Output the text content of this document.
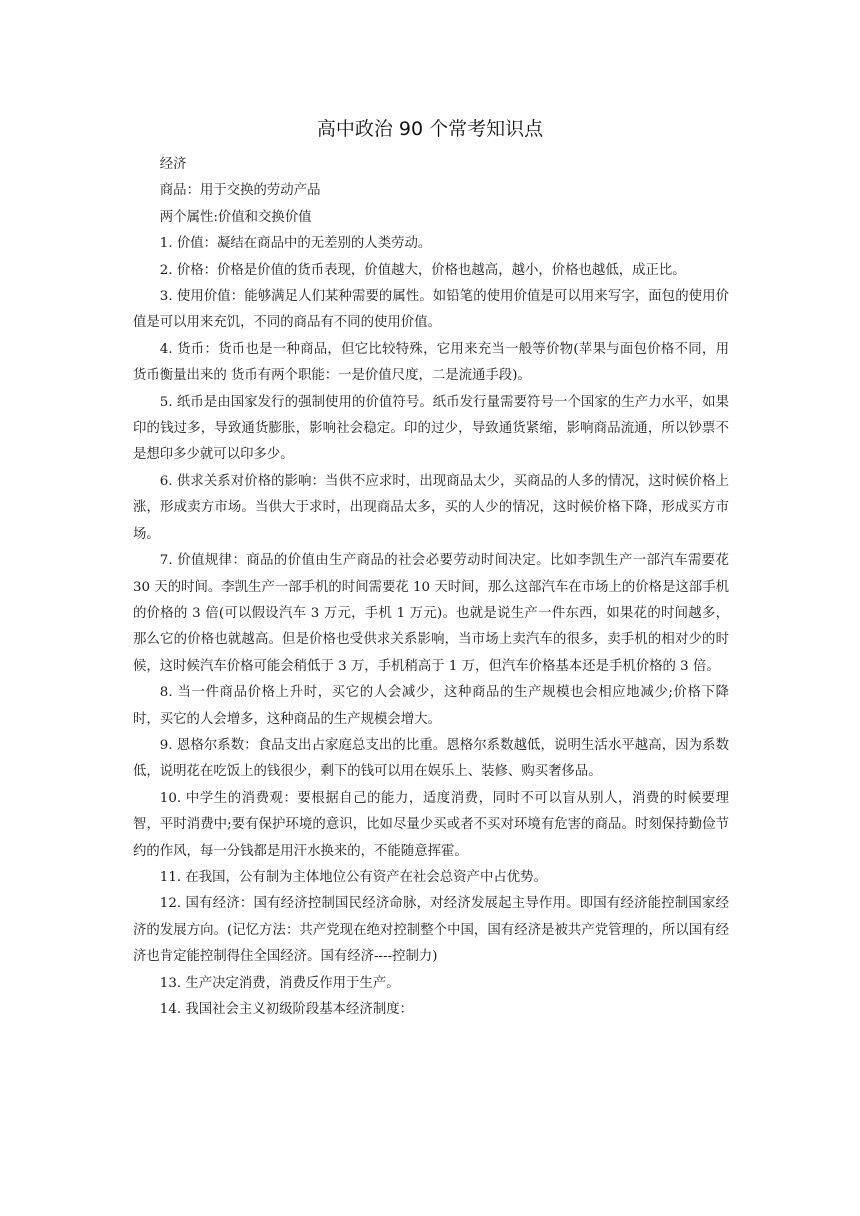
高中政治 90 个常考知识点

经济

商品：用于交换的劳动产品

两个属性:价值和交换价值

1. 价值：凝结在商品中的无差别的人类劳动。

2. 价格：价格是价值的货币表现，价值越大，价格也越高，越小，价格也越低，成正比。

3. 使用价值：能够满足人们某种需要的属性。如铅笔的使用价值是可以用来写字，面包的使用价值是可以用来充饥，不同的商品有不同的使用价值。

4. 货币：货币也是一种商品，但它比较特殊，它用来充当一般等价物(苹果与面包价格不同，用货币衡量出来的 货币有两个职能：一是价值尺度，二是流通手段)。

5. 纸币是由国家发行的强制使用的价值符号。纸币发行量需要符号一个国家的生产力水平，如果印的钱过多，导致通货膨胀，影响社会稳定。印的过少，导致通货紧缩，影响商品流通，所以钞票不是想印多少就可以印多少。

6. 供求关系对价格的影响：当供不应求时，出现商品太少，买商品的人多的情况，这时候价格上涨，形成卖方市场。当供大于求时，出现商品太多，买的人少的情况，这时候价格下降，形成买方市场。

7. 价值规律：商品的价值由生产商品的社会必要劳动时间决定。比如李凯生产一部汽车需要花 30 天的时间。李凯生产一部手机的时间需要花 10 天时间，那么这部汽车在市场上的价格是这部手机的价格的 3 倍(可以假设汽车 3 万元，手机 1 万元)。也就是说生产一件东西，如果花的时间越多，那么它的价格也就越高。但是价格也受供求关系影响，当市场上卖汽车的很多，卖手机的相对少的时候，这时候汽车价格可能会稍低于 3 万，手机稍高于 1 万，但汽车价格基本还是手机价格的 3 倍。

8. 当一件商品价格上升时，买它的人会减少，这种商品的生产规模也会相应地减少;价格下降时，买它的人会增多，这种商品的生产规模会增大。

9. 恩格尔系数：食品支出占家庭总支出的比重。恩格尔系数越低，说明生活水平越高，因为系数低，说明花在吃饭上的钱很少，剩下的钱可以用在娱乐上、装修、购买奢侈品。

10. 中学生的消费观：要根据自己的能力，适度消费，同时不可以盲从别人，消费的时候要理智，平时消费中;要有保护环境的意识，比如尽量少买或者不买对环境有危害的商品。时刻保持勤俭节约的作风，每一分钱都是用汗水换来的，不能随意挥霍。

11. 在我国，公有制为主体地位公有资产在社会总资产中占优势。

12. 国有经济：国有经济控制国民经济命脉，对经济发展起主导作用。即国有经济能控制国家经济的发展方向。(记忆方法：共产党现在绝对控制整个中国，国有经济是被共产党管理的，所以国有经济也肯定能控制得住全国经济。国有经济----控制力)

13. 生产决定消费，消费反作用于生产。

14. 我国社会主义初级阶段基本经济制度：
